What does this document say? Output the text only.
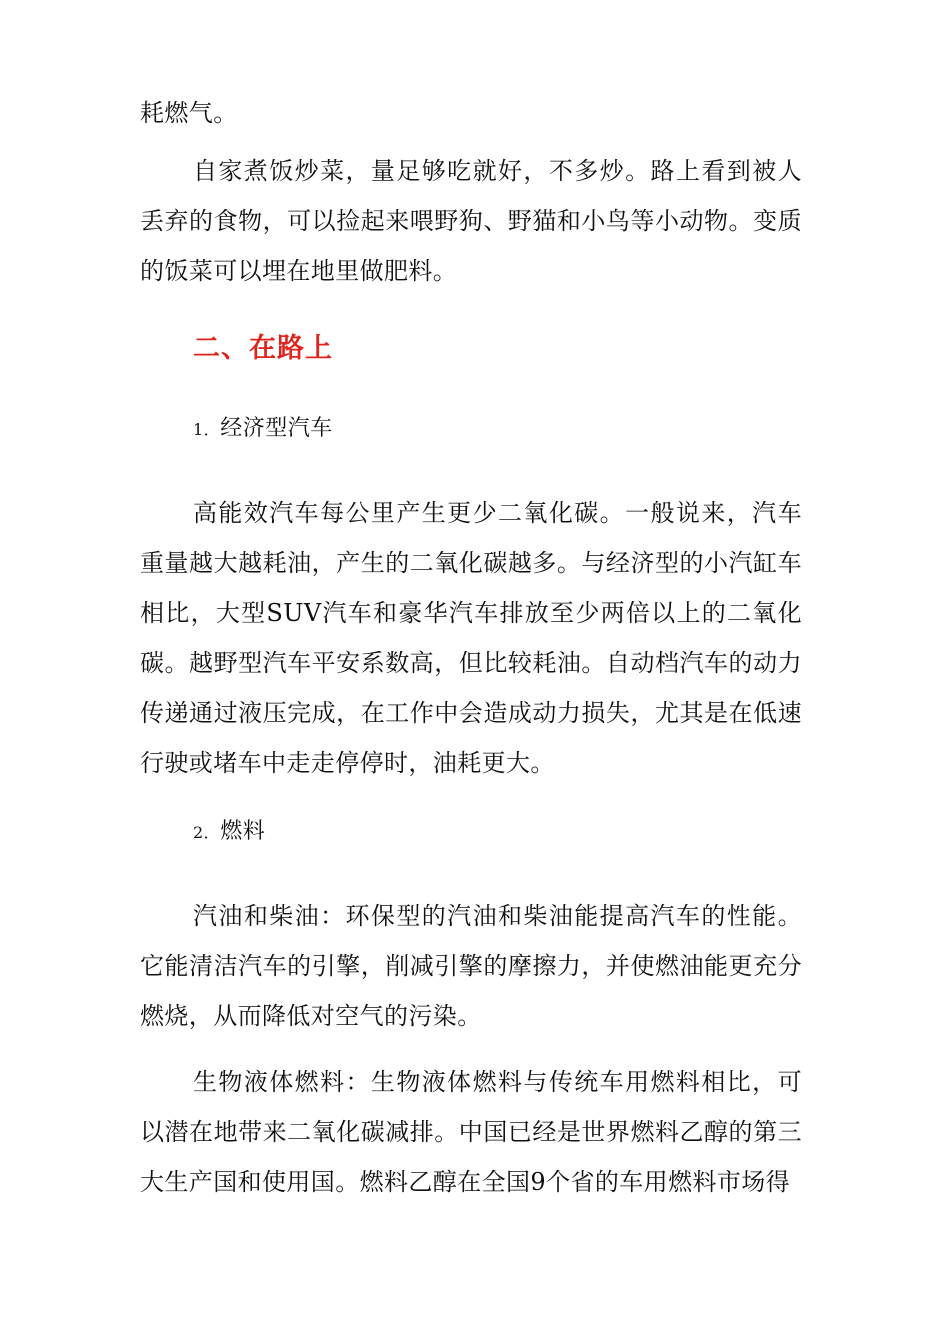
耗燃气。

自家煮饭炒菜，量足够吃就好，不多炒。路上看到被人丢弃的食物，可以捡起来喂野狗、野猫和小鸟等小动物。变质的饭菜可以埋在地里做肥料。

二、在路上
1．经济型汽车

高能效汽车每公里产生更少二氧化碳。一般说来，汽车重量越大越耗油，产生的二氧化碳越多。与经济型的小汽缸车相比，大型SUV汽车和豪华汽车排放至少两倍以上的二氧化碳。越野型汽车平安系数高，但比较耗油。自动档汽车的动力传递通过液压完成，在工作中会造成动力损失，尤其是在低速行驶或堵车中走走停停时，油耗更大。

2．燃料

汽油和柴油：环保型的汽油和柴油能提高汽车的性能。它能清洁汽车的引擎，削减引擎的摩擦力，并使燃油能更充分燃烧，从而降低对空气的污染。

生物液体燃料：生物液体燃料与传统车用燃料相比，可以潜在地带来二氧化碳减排。中国已经是世界燃料乙醇的第三大生产国和使用国。燃料乙醇在全国9个省的车用燃料市场得
